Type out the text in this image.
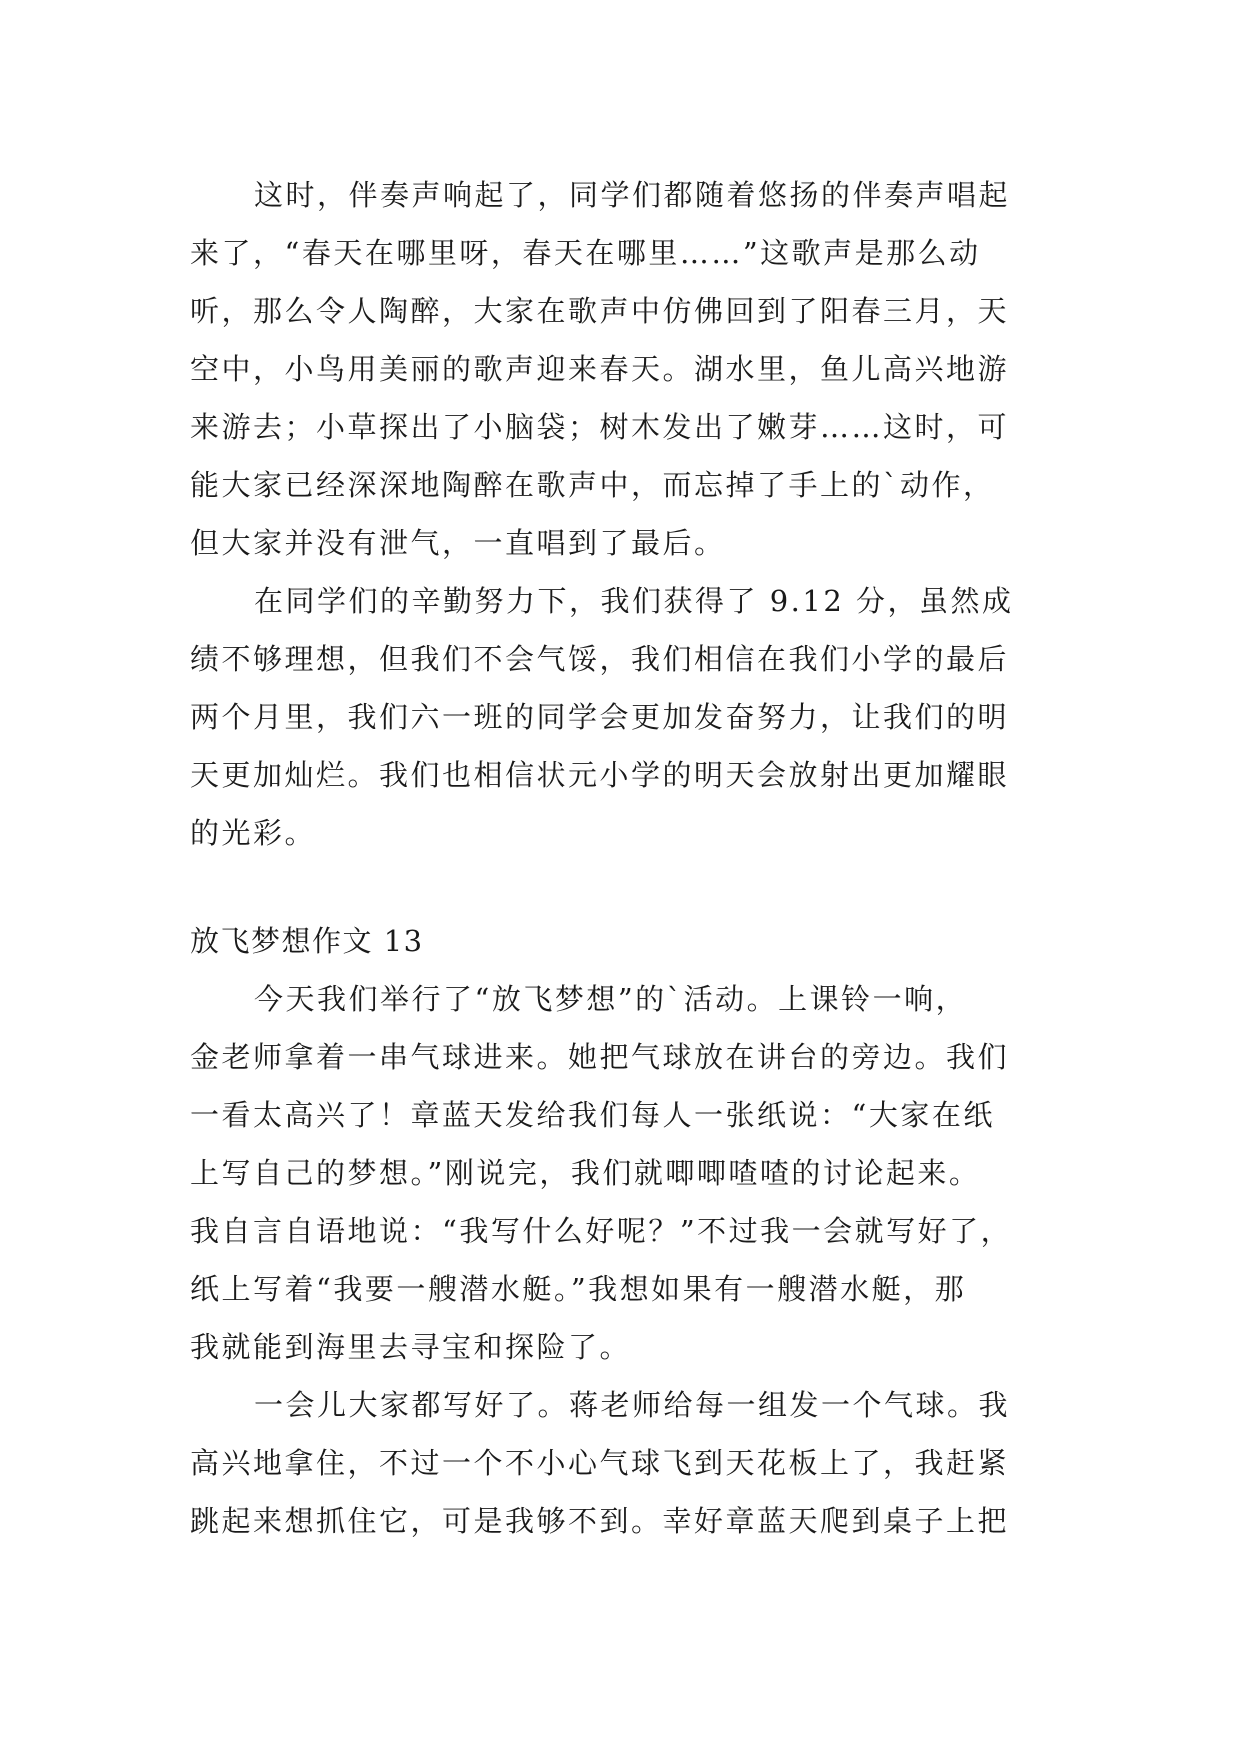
这时，伴奏声响起了，同学们都随着悠扬的伴奏声唱起
来了，“春天在哪里呀，春天在哪里……”这歌声是那么动
听，那么令人陶醉，大家在歌声中仿佛回到了阳春三月，天
空中，小鸟用美丽的歌声迎来春天。湖水里，鱼儿高兴地游
来游去；小草探出了小脑袋；树木发出了嫩芽……这时，可
能大家已经深深地陶醉在歌声中，而忘掉了手上的`动作，
但大家并没有泄气，一直唱到了最后。
在同学们的辛勤努力下，我们获得了 9.12 分，虽然成
绩不够理想，但我们不会气馁，我们相信在我们小学的最后
两个月里，我们六一班的同学会更加发奋努力，让我们的明
天更加灿烂。我们也相信状元小学的明天会放射出更加耀眼
的光彩。
放飞梦想作文 13
今天我们举行了“放飞梦想”的`活动。上课铃一响，
金老师拿着一串气球进来。她把气球放在讲台的旁边。我们
一看太高兴了！章蓝天发给我们每人一张纸说：“大家在纸
上写自己的梦想。”刚说完，我们就唧唧喳喳的讨论起来。
我自言自语地说：“我写什么好呢？”不过我一会就写好了，
纸上写着“我要一艘潜水艇。”我想如果有一艘潜水艇，那
我就能到海里去寻宝和探险了。
一会儿大家都写好了。蒋老师给每一组发一个气球。我
高兴地拿住，不过一个不小心气球飞到天花板上了，我赶紧
跳起来想抓住它，可是我够不到。幸好章蓝天爬到桌子上把
